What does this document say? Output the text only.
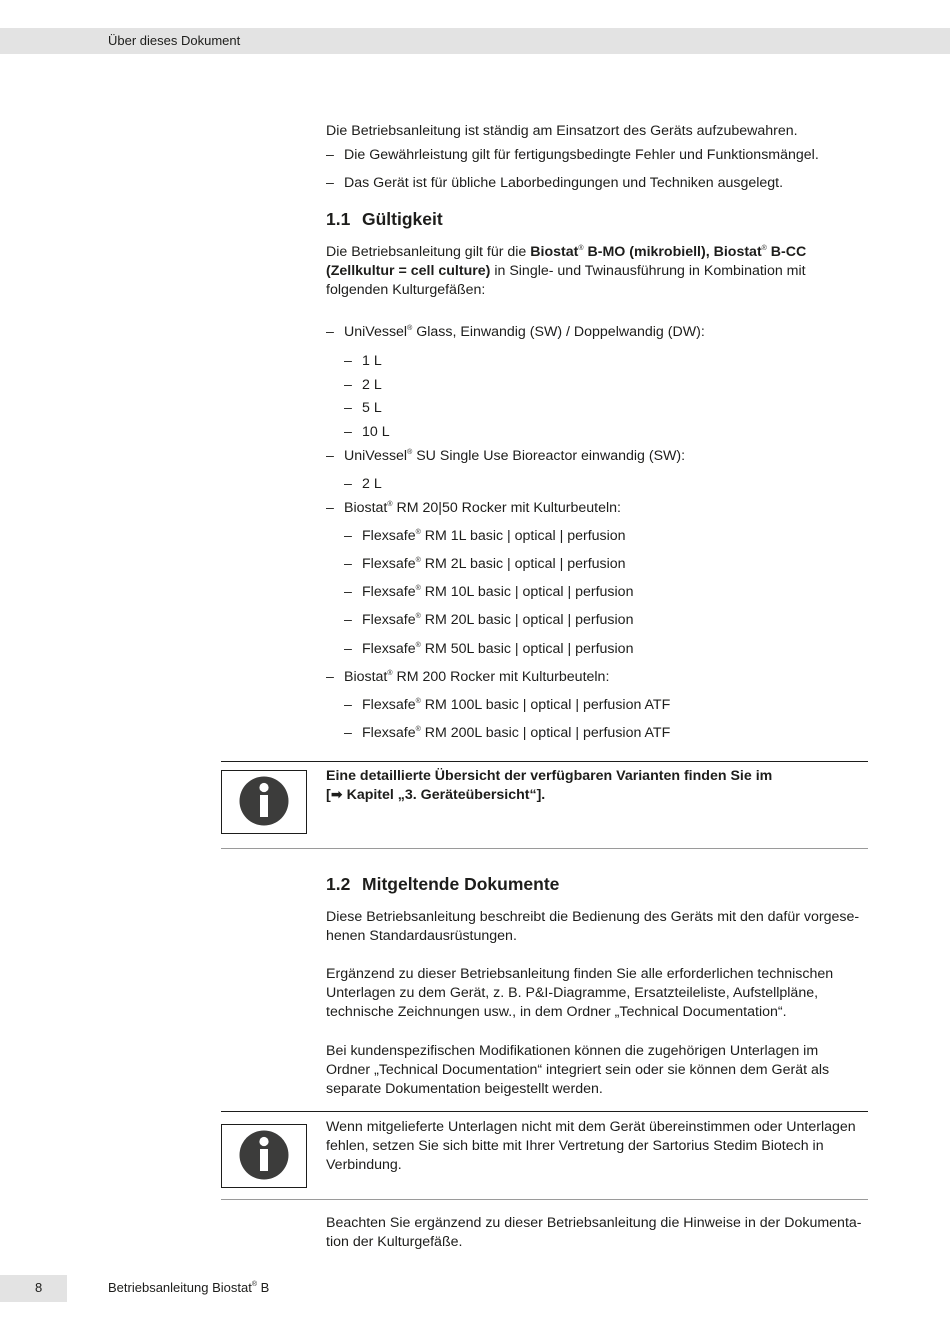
Über dieses Dokument

Die Betriebsanleitung ist ständig am Einsatzort des Geräts aufzubewahren.

– Die Gewährleistung gilt für fertigungsbedingte Fehler und Funktionsmängel.

– Das Gerät ist für übliche Laborbedingungen und Techniken ausgelegt.

1.1 Gültigkeit

Die Betriebsanleitung gilt für die Biostat® B-MO (mikrobiell), Biostat® B-CC

(Zellkultur = cell culture) in Single- und Twinausführung in Kombination mit

folgenden Kulturgefäßen:

– UniVessel® Glass, Einwandig (SW) / Doppelwandig (DW):

– 1 L

– 2 L

– 5 L

– 10 L

– UniVessel® SU Single Use Bioreactor einwandig (SW):

– 2 L

– Biostat® RM 20|50 Rocker mit Kulturbeuteln:

– Flexsafe® RM 1L basic | optical | perfusion

– Flexsafe® RM 2L basic | optical | perfusion

– Flexsafe® RM 10L basic | optical | perfusion

– Flexsafe® RM 20L basic | optical | perfusion

– Flexsafe® RM 50L basic | optical | perfusion

– Biostat® RM 200 Rocker mit Kulturbeuteln:

– Flexsafe® RM 100L basic | optical | perfusion ATF

– Flexsafe® RM 200L basic | optical | perfusion ATF

Eine detaillierte Übersicht der verfügbaren Varianten finden Sie im

[➡ Kapitel „3. Geräteübersicht“].

1.2 Mitgeltende Dokumente

Diese Betriebsanleitung beschreibt die Bedienung des Geräts mit den dafür vorgese-

henen Standardausrüstungen.

Ergänzend zu dieser Betriebsanleitung finden Sie alle erforderlichen technischen

Unterlagen zu dem Gerät, z. B. P&I-Diagramme, Ersatzteileliste, Aufstellpläne,

technische Zeichnungen usw., in dem Ordner „Technical Documentation“.

Bei kundenspezifischen Modifikationen können die zugehörigen Unterlagen im

Ordner „Technical Documentation“ integriert sein oder sie können dem Gerät als

separate Dokumentation beigestellt werden.

Wenn mitgelieferte Unterlagen nicht mit dem Gerät übereinstimmen oder Unterlagen

fehlen, setzen Sie sich bitte mit Ihrer Vertretung der Sartorius Stedim Biotech in

Verbindung.

Beachten Sie ergänzend zu dieser Betriebsanleitung die Hinweise in der Dokumenta-

tion der Kulturgefäße.

8	Betriebsanleitung Biostat® B
